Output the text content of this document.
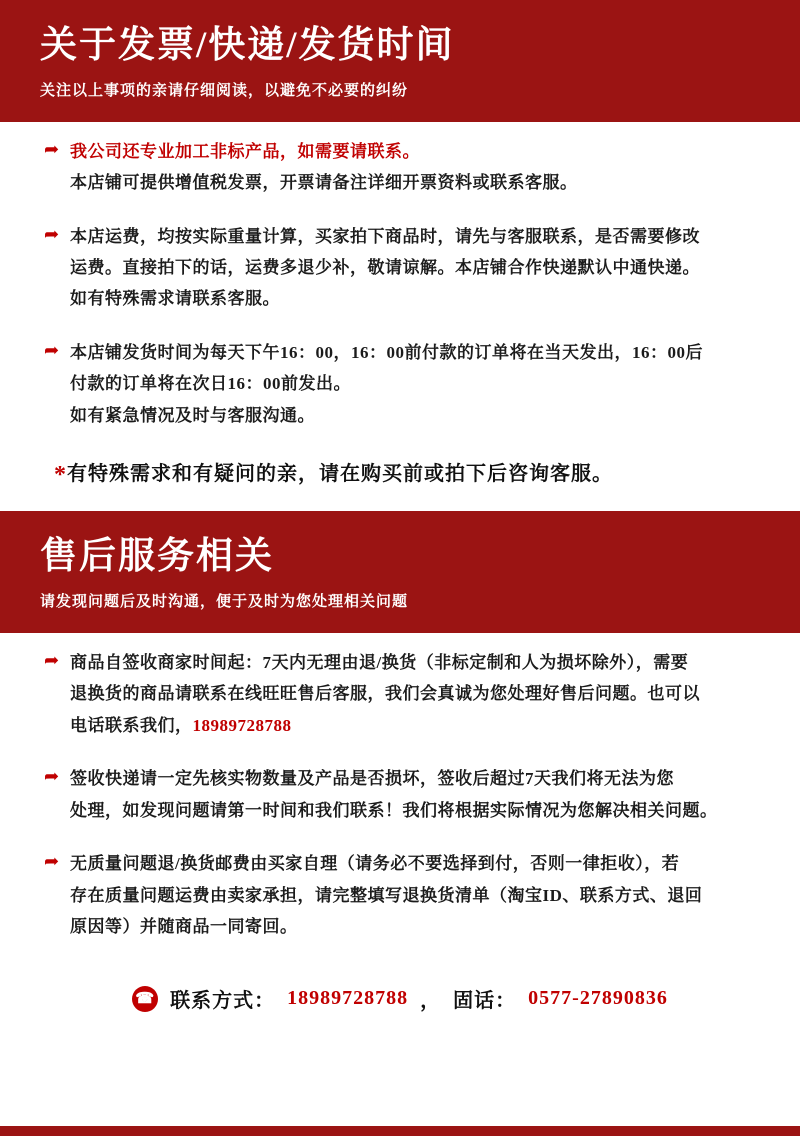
关于发票/快递/发货时间
关注以上事项的亲请仔细阅读，以避免不必要的纠纷
➦ 我公司还专业加工非标产品，如需要请联系。
本店铺可提供增值税发票，开票请备注详细开票资料或联系客服。
➦ 本店运费，均按实际重量计算，买家拍下商品时，请先与客服联系，是否需要修改
运费。直接拍下的话，运费多退少补，敬请谅解。本店铺合作快递默认中通快递。
如有特殊需求请联系客服。
➦ 本店铺发货时间为每天下午16：00，16：00前付款的订单将在当天发出，16：00后
付款的订单将在次日16：00前发出。
如有紧急情况及时与客服沟通。
*有特殊需求和有疑问的亲，请在购买前或拍下后咨询客服。
售后服务相关
请发现问题后及时沟通，便于及时为您处理相关问题
➦ 商品自签收商家时间起：7天内无理由退/换货（非标定制和人为损坏除外），需要
退换货的商品请联系在线旺旺售后客服，我们会真诚为您处理好售后问题。也可以
电话联系我们，18989728788
➦ 签收快递请一定先核实物数量及产品是否损坏，签收后超过7天我们将无法为您
处理，如发现问题请第一时间和我们联系！我们将根据实际情况为您解决相关问题。
➦ 无质量问题退/换货邮费由买家自理（请务必不要选择到付，否则一律拒收），若
存在质量问题运费由卖家承担，请完整填写退换货清单（淘宝ID、联系方式、退回
原因等）并随商品一同寄回。
☎ 联系方式： 18989728788 ， 固话： 0577-27890836
